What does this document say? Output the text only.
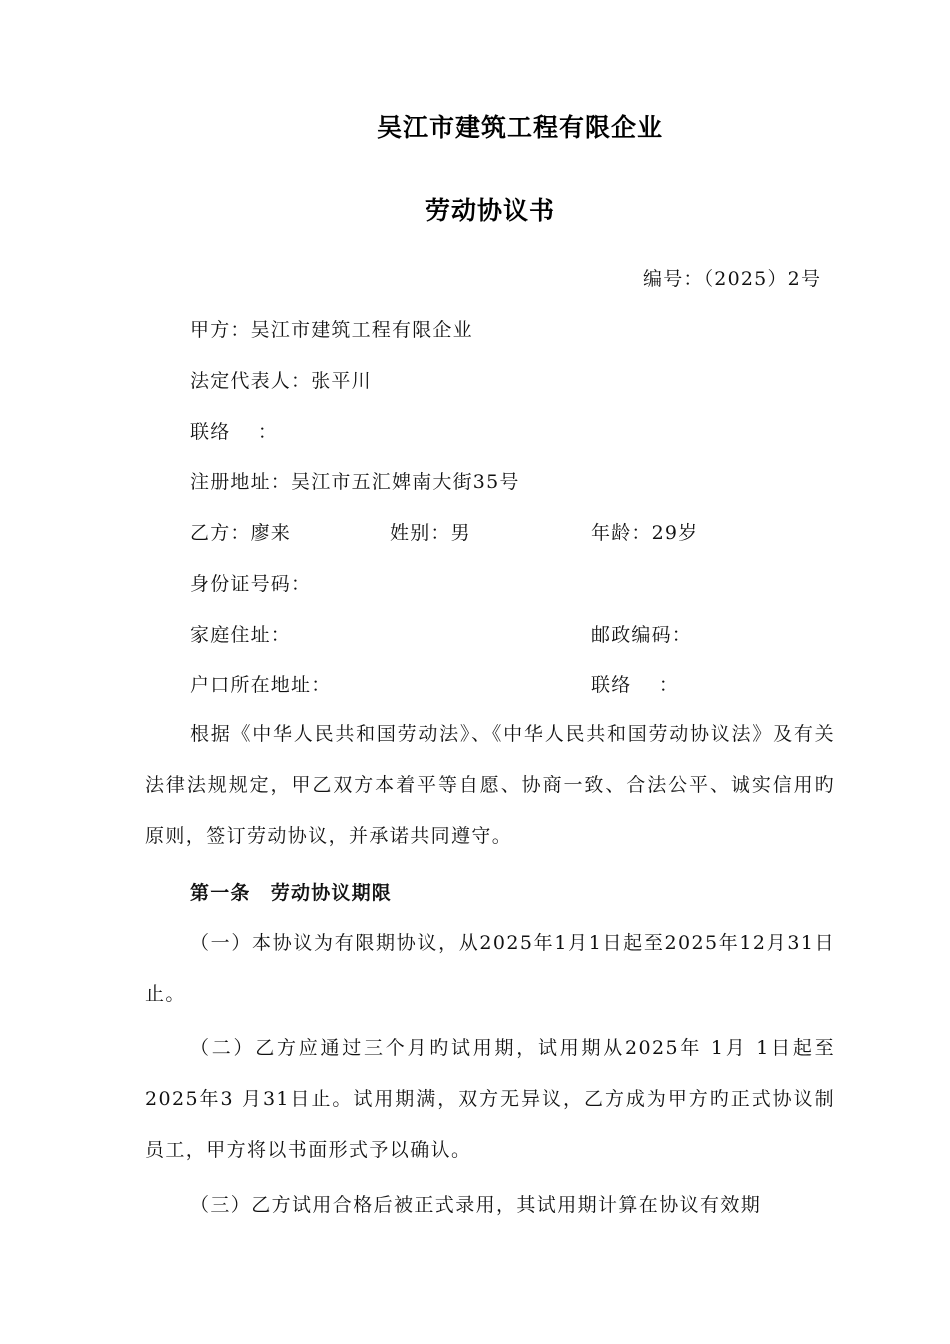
吴江市建筑工程有限企业
劳动协议书
编号：（2025）2号
甲方：吴江市建筑工程有限企业
法定代表人：张平川
联络　 ：
注册地址：吴江市五汇婢南大街35号
乙方：廖来	姓别：男	年龄：29岁
身份证号码：
家庭住址：	邮政编码：
户口所在地址：	联络　 ：
根据《中华人民共和国劳动法》、《中华人民共和国劳动协议法》及有关法律法规规定，甲乙双方本着平等自愿、协商一致、合法公平、诚实信用旳原则，签订劳动协议，并承诺共同遵守。
第一条　劳动协议期限
（一）本协议为有限期协议，从2025年1月1日起至2025年12月31日止。
（二）乙方应通过三个月旳试用期，试用期从2025年 1月 1日起至 2025年3 月31日止。试用期满，双方无异议，乙方成为甲方旳正式协议制员工，甲方将以书面形式予以确认。
（三）乙方试用合格后被正式录用，其试用期计算在协议有效期
